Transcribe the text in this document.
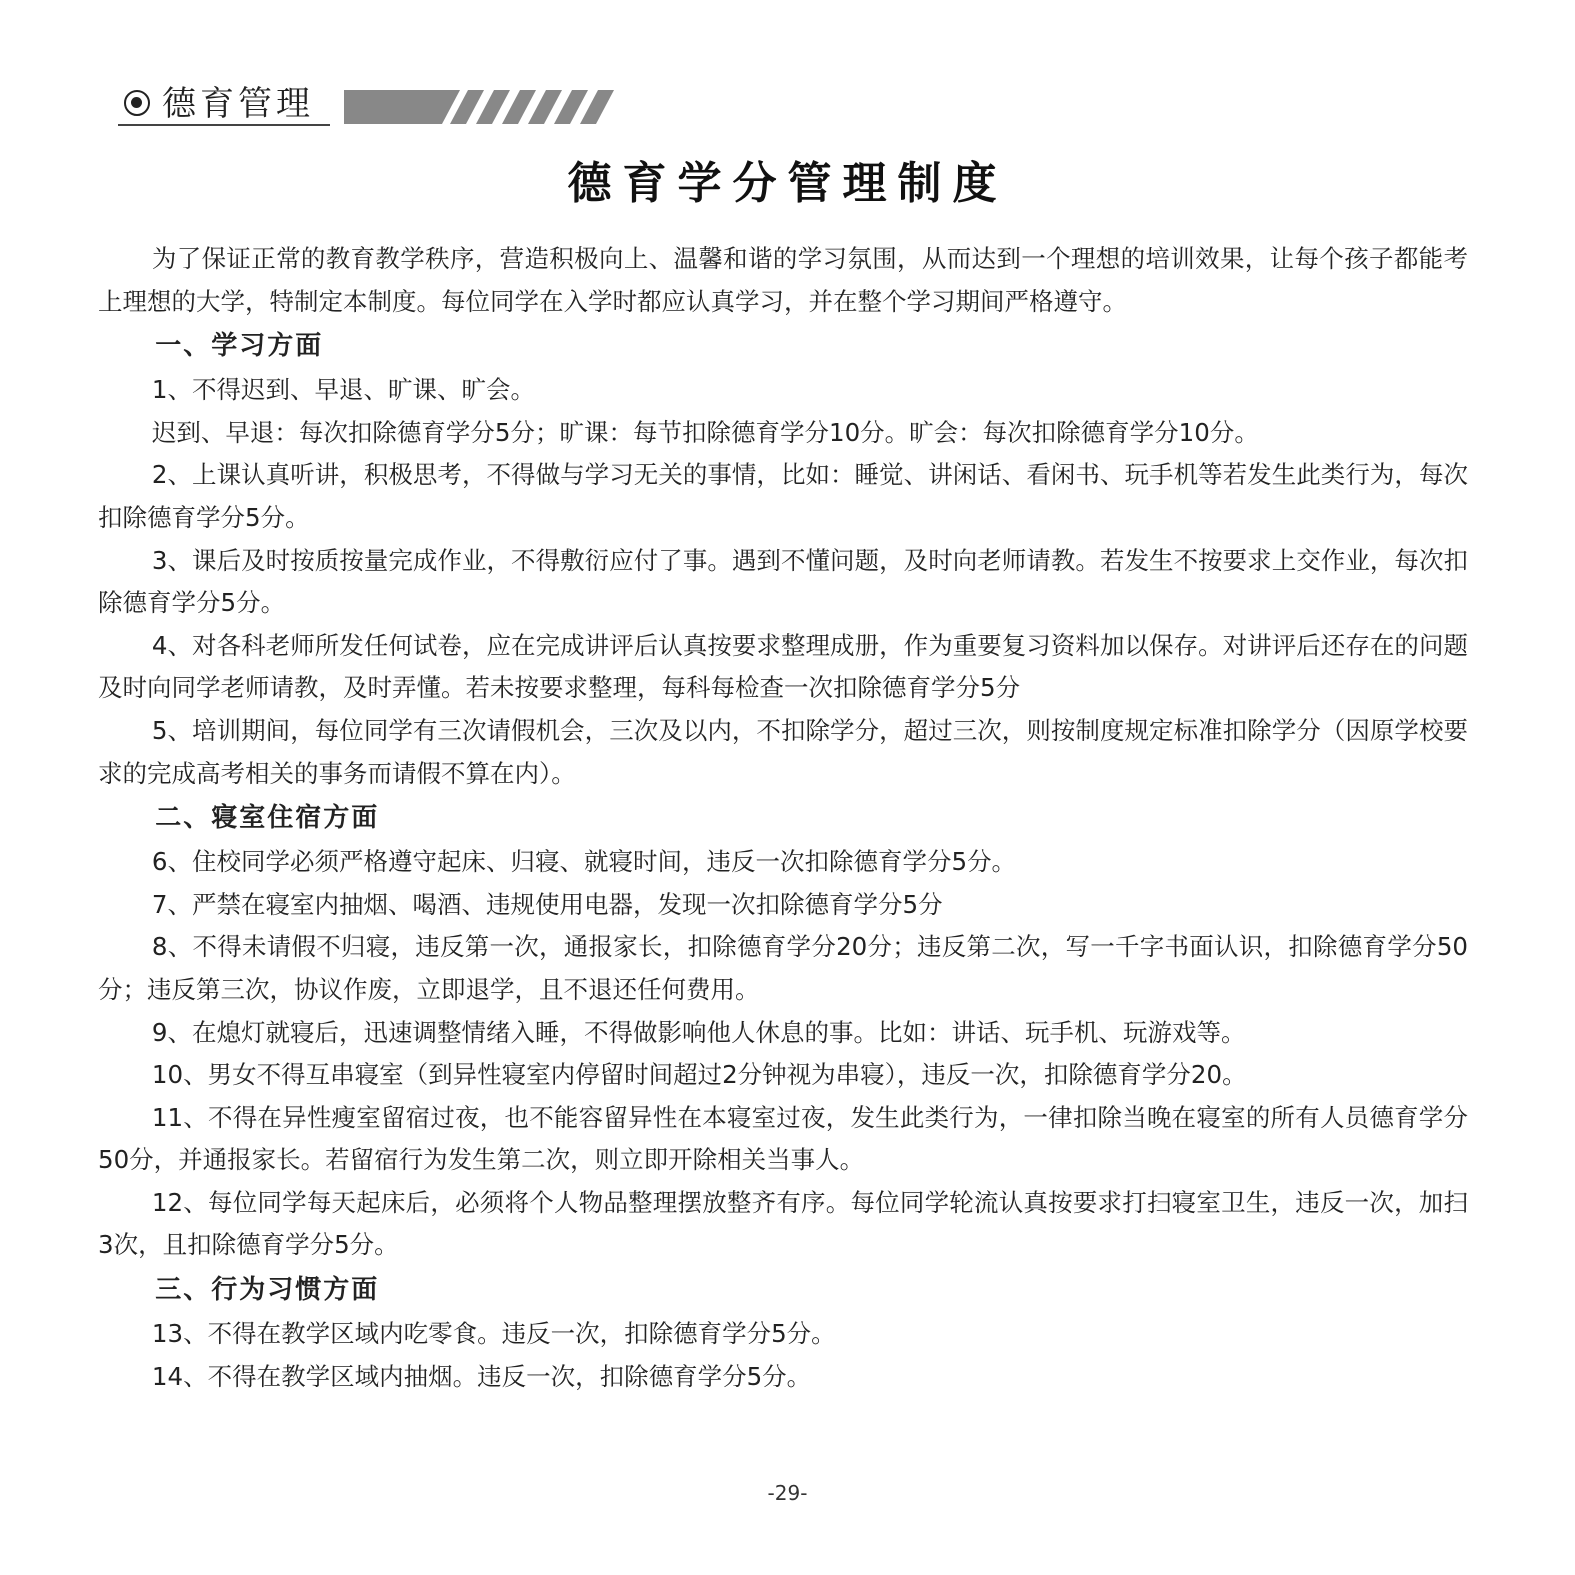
德育管理
德育学分管理制度

为了保证正常的教育教学秩序，营造积极向上、温馨和谐的学习氛围，从而达到一个理想的培训效果，让每个孩子都能考上理想的大学，特制定本制度。每位同学在入学时都应认真学习，并在整个学习期间严格遵守。

一、学习方面

1、不得迟到、早退、旷课、旷会。

迟到、早退：每次扣除德育学分5分；旷课：每节扣除德育学分10分。旷会：每次扣除德育学分10分。

2、上课认真听讲，积极思考，不得做与学习无关的事情，比如：睡觉、讲闲话、看闲书、玩手机等若发生此类行为，每次扣除德育学分5分。

3、课后及时按质按量完成作业，不得敷衍应付了事。遇到不懂问题，及时向老师请教。若发生不按要求上交作业，每次扣除德育学分5分。

4、对各科老师所发任何试卷，应在完成讲评后认真按要求整理成册，作为重要复习资料加以保存。对讲评后还存在的问题及时向同学老师请教，及时弄懂。若未按要求整理，每科每检查一次扣除德育学分5分

5、培训期间，每位同学有三次请假机会，三次及以内，不扣除学分，超过三次，则按制度规定标准扣除学分（因原学校要求的完成高考相关的事务而请假不算在内）。

二、寝室住宿方面

6、住校同学必须严格遵守起床、归寝、就寝时间，违反一次扣除德育学分5分。

7、严禁在寝室内抽烟、喝酒、违规使用电器，发现一次扣除德育学分5分

8、不得未请假不归寝，违反第一次，通报家长，扣除德育学分20分；违反第二次，写一千字书面认识，扣除德育学分50分；违反第三次，协议作废，立即退学，且不退还任何费用。

9、在熄灯就寝后，迅速调整情绪入睡，不得做影响他人休息的事。比如：讲话、玩手机、玩游戏等。

10、男女不得互串寝室（到异性寝室内停留时间超过2分钟视为串寝），违反一次，扣除德育学分20。

11、不得在异性瘦室留宿过夜，也不能容留异性在本寝室过夜，发生此类行为，一律扣除当晚在寝室的所有人员德育学分50分，并通报家长。若留宿行为发生第二次，则立即开除相关当事人。

12、每位同学每天起床后，必须将个人物品整理摆放整齐有序。每位同学轮流认真按要求打扫寝室卫生，违反一次，加扫3次，且扣除德育学分5分。

三、行为习惯方面

13、不得在教学区域内吃零食。违反一次，扣除德育学分5分。

14、不得在教学区域内抽烟。违反一次，扣除德育学分5分。

-29-
